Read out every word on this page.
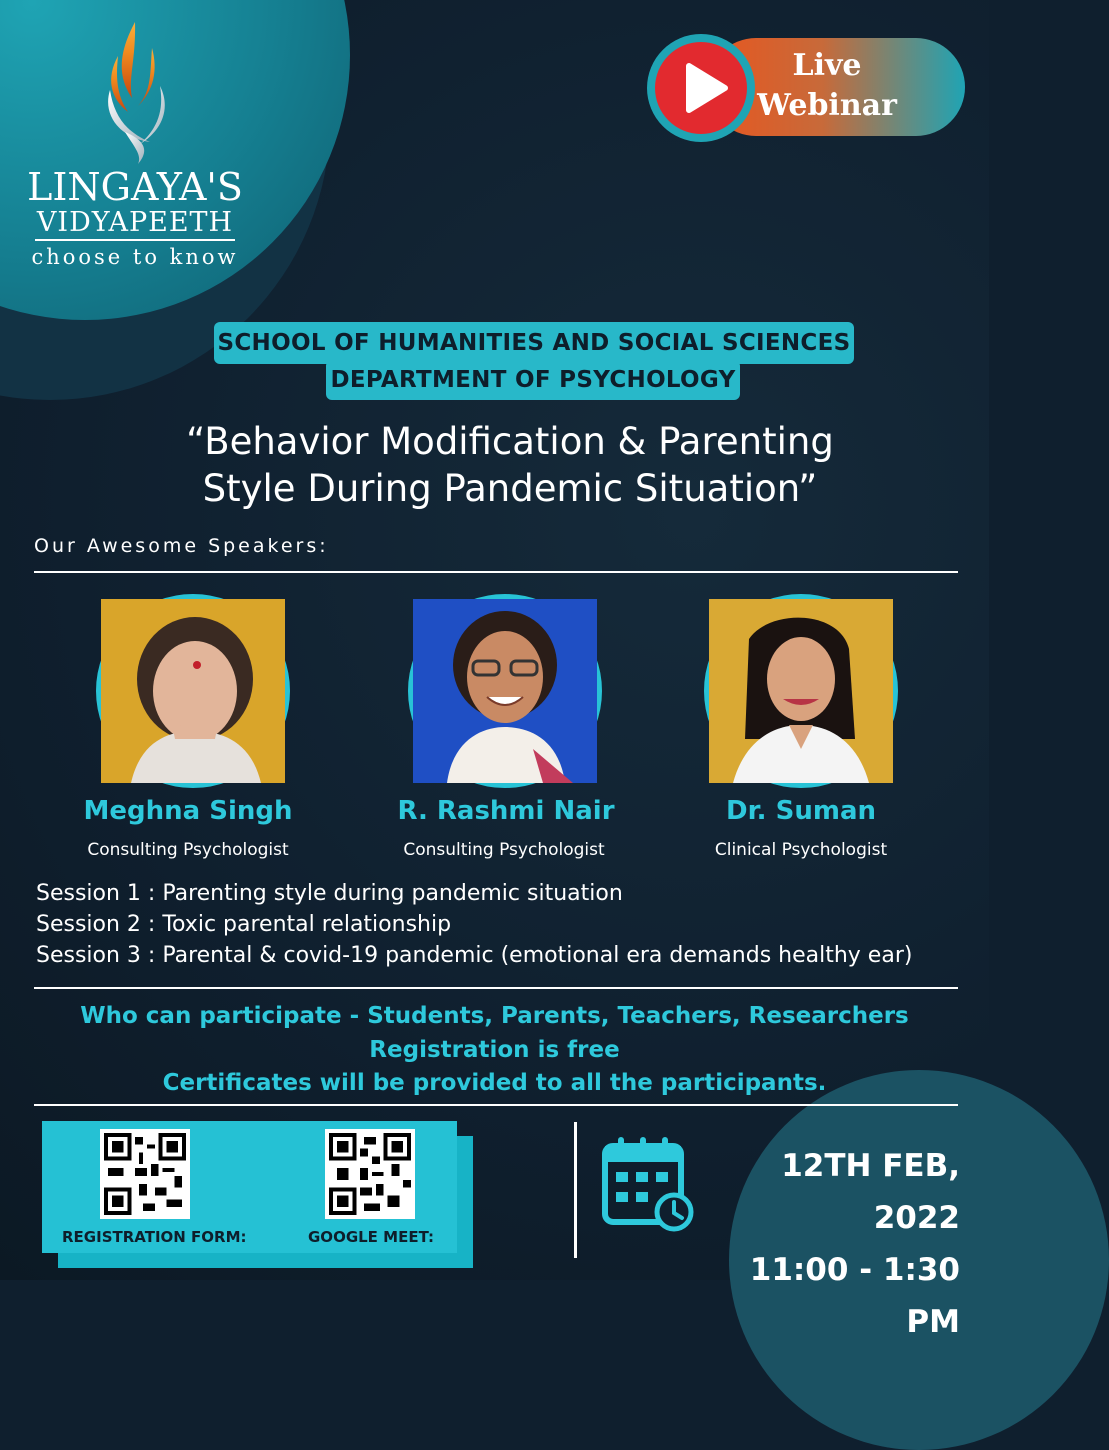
LINGAYA'S
VIDYAPEETH
choose to know
Live
Webinar
SCHOOL OF HUMANITIES AND SOCIAL SCIENCES
DEPARTMENT OF PSYCHOLOGY
“Behavior Modification & Parenting
Style During Pandemic Situation”
Our Awesome Speakers:
Meghna Singh
Consulting Psychologist
R. Rashmi Nair
Consulting Psychologist
Dr. Suman
Clinical Psychologist
Session 1 : Parenting style during pandemic situation
Session 2 : Toxic parental relationship
Session 3 : Parental & covid-19 pandemic (emotional era demands healthy ear)
Who can participate - Students, Parents, Teachers, Researchers
Registration is free
Certificates will be provided to all the participants.
REGISTRATION FORM:	GOOGLE MEET:
12TH FEB, 2022
11:00 - 1:30 PM
